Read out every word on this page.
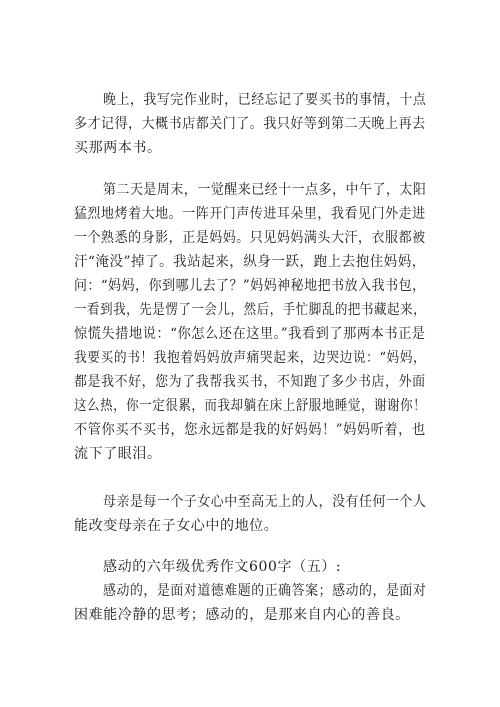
晚上，我写完作业时，已经忘记了要买书的事情，十点
多才记得，大概书店都关门了。我只好等到第二天晚上再去
买那两本书。
第二天是周末，一觉醒来已经十一点多，中午了，太阳
猛烈地烤着大地。一阵开门声传进耳朵里，我看见门外走进
一个熟悉的身影，正是妈妈。只见妈妈满头大汗，衣服都被
汗“淹没”掉了。我站起来，纵身一跃，跑上去抱住妈妈，
问：“妈妈，你到哪儿去了？”妈妈神秘地把书放入我书包，
一看到我，先是愣了一会儿，然后，手忙脚乱的把书藏起来，
惊慌失措地说：“你怎么还在这里。”我看到了那两本书正是
我要买的书！我抱着妈妈放声痛哭起来，边哭边说：“妈妈，
都是我不好，您为了我帮我买书，不知跑了多少书店，外面
这么热，你一定很累，而我却躺在床上舒服地睡觉，谢谢你！
不管你买不买书，您永远都是我的好妈妈！”妈妈听着，也
流下了眼泪。
母亲是每一个子女心中至高无上的人，没有任何一个人
能改变母亲在子女心中的地位。
感动的六年级优秀作文600字（五）:
感动的，是面对道德难题的正确答案；感动的，是面对
困难能冷静的思考；感动的，是那来自内心的善良。
